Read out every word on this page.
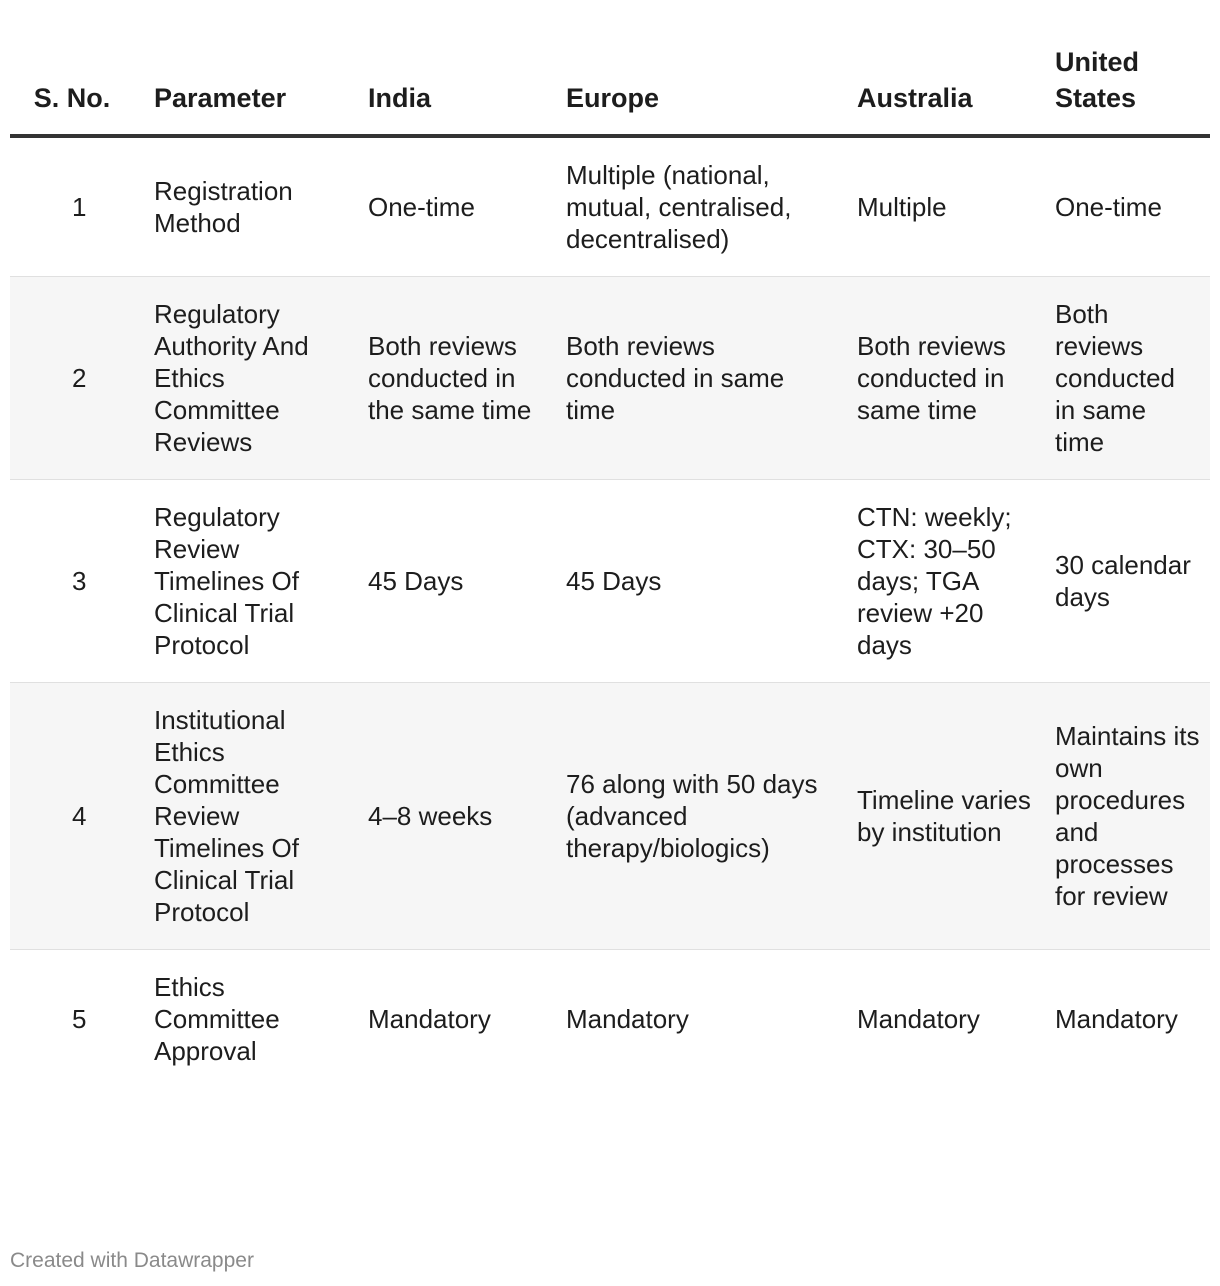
S. No.	Parameter	India	Europe	Australia	United States
1	Registration Method	One-time	Multiple (national, mutual, centralised, decentralised)	Multiple	One-time
2	Regulatory Authority And Ethics Committee Reviews	Both reviews conducted in the same time	Both reviews conducted in same time	Both reviews conducted in same time	Both reviews conducted in same time
3	Regulatory Review Timelines Of Clinical Trial Protocol	45 Days	45 Days	CTN: weekly; CTX: 30–50 days; TGA review +20 days	30 calendar days
4	Institutional Ethics Committee Review Timelines Of Clinical Trial Protocol	4–8 weeks	76 along with 50 days (advanced therapy/biologics)	Timeline varies by institution	Maintains its own procedures and processes for review
5	Ethics Committee Approval	Mandatory	Mandatory	Mandatory	Mandatory
Created with Datawrapper
